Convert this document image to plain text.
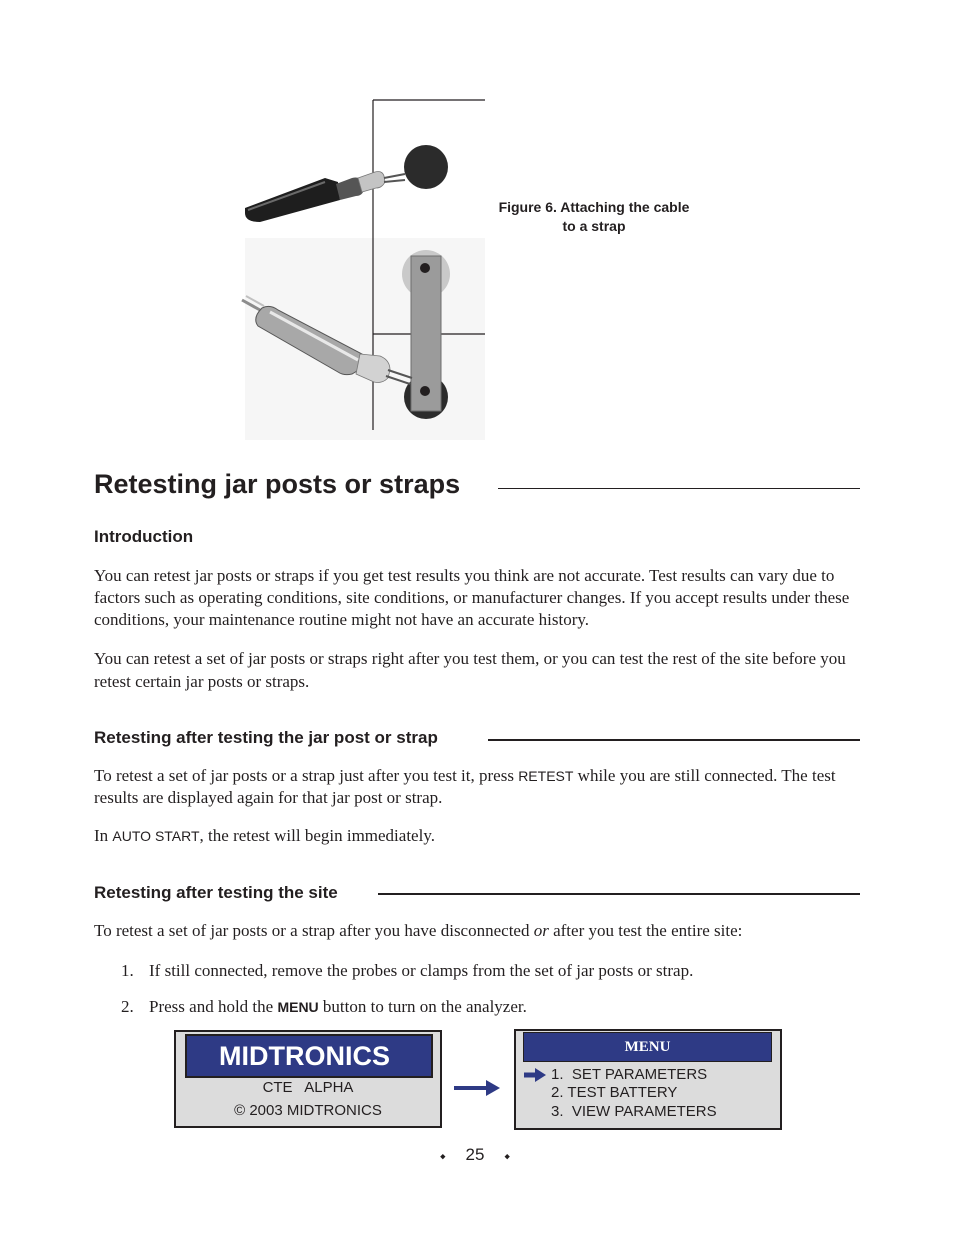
Figure 6. Attaching the cable
to a strap
Retesting jar posts or straps
Introduction

You can retest jar posts or straps if you get test results you think are not accurate. Test results can vary due to factors such as operating conditions, site conditions, or manufacturer changes. If you accept results under these conditions, your maintenance routine might not have an accurate history.

You can retest a set of jar posts or straps right after you test them, or you can test the rest of the site before you retest certain jar posts or straps.

Retesting after testing the jar post or strap

To retest a set of jar posts or a strap just after you test it, press RETEST while you are still connected. The test results are displayed again for that jar post or strap.

In AUTO START, the retest will begin immediately.

Retesting after testing the site

To retest a set of jar posts or a strap after you have disconnected or after you test the entire site:

1. If still connected, remove the probes or clamps from the set of jar posts or strap.
2. Press and hold the MENU button to turn on the analyzer.
MIDTRONICS
CTE   ALPHA
© 2003 MIDTRONICS
MENU
1.  SET PARAMETERS
2. TEST BATTERY
3.  VIEW PARAMETERS
◆ 25	◆
